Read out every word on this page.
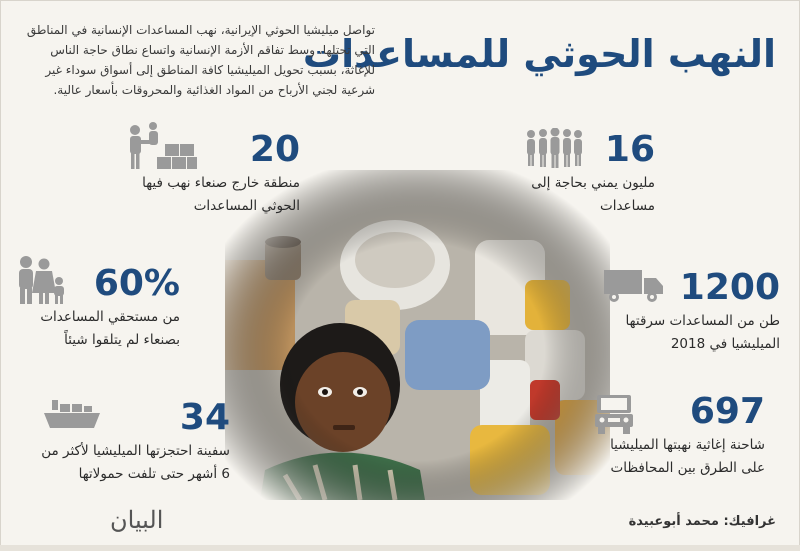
النهب الحوثي للمساعدات

تواصل ميليشيا الحوثي الإيرانية، نهب المساعدات الإنسانية في المناطق التي تحتلها، وسط تفاقم الأزمة الإنسانية واتساع نطاق حاجة الناس للإغاثة، بسبب تحويل الميليشيا كافة المناطق إلى أسواق سوداء غير شرعية لجني الأرباح من المواد الغذائية والمحروقات بأسعار عالية.

16

مليون يمني بحاجة إلى
مساعدات

20

منطقة خارج صنعاء نهب فيها
الحوثي المساعدات

1200

طن من المساعدات سرقتها
الميليشيا في 2018

60%

من مستحقي المساعدات
بصنعاء لم يتلقوا شيئاً

697

شاحنة إغاثية نهبتها الميليشيا
على الطرق بين المحافظات

34

سفينة احتجزتها الميليشيا لأكثر من
6 أشهر حتى تلفت حمولاتها

غرافيك: محمد أبوعبيدة
البيان
